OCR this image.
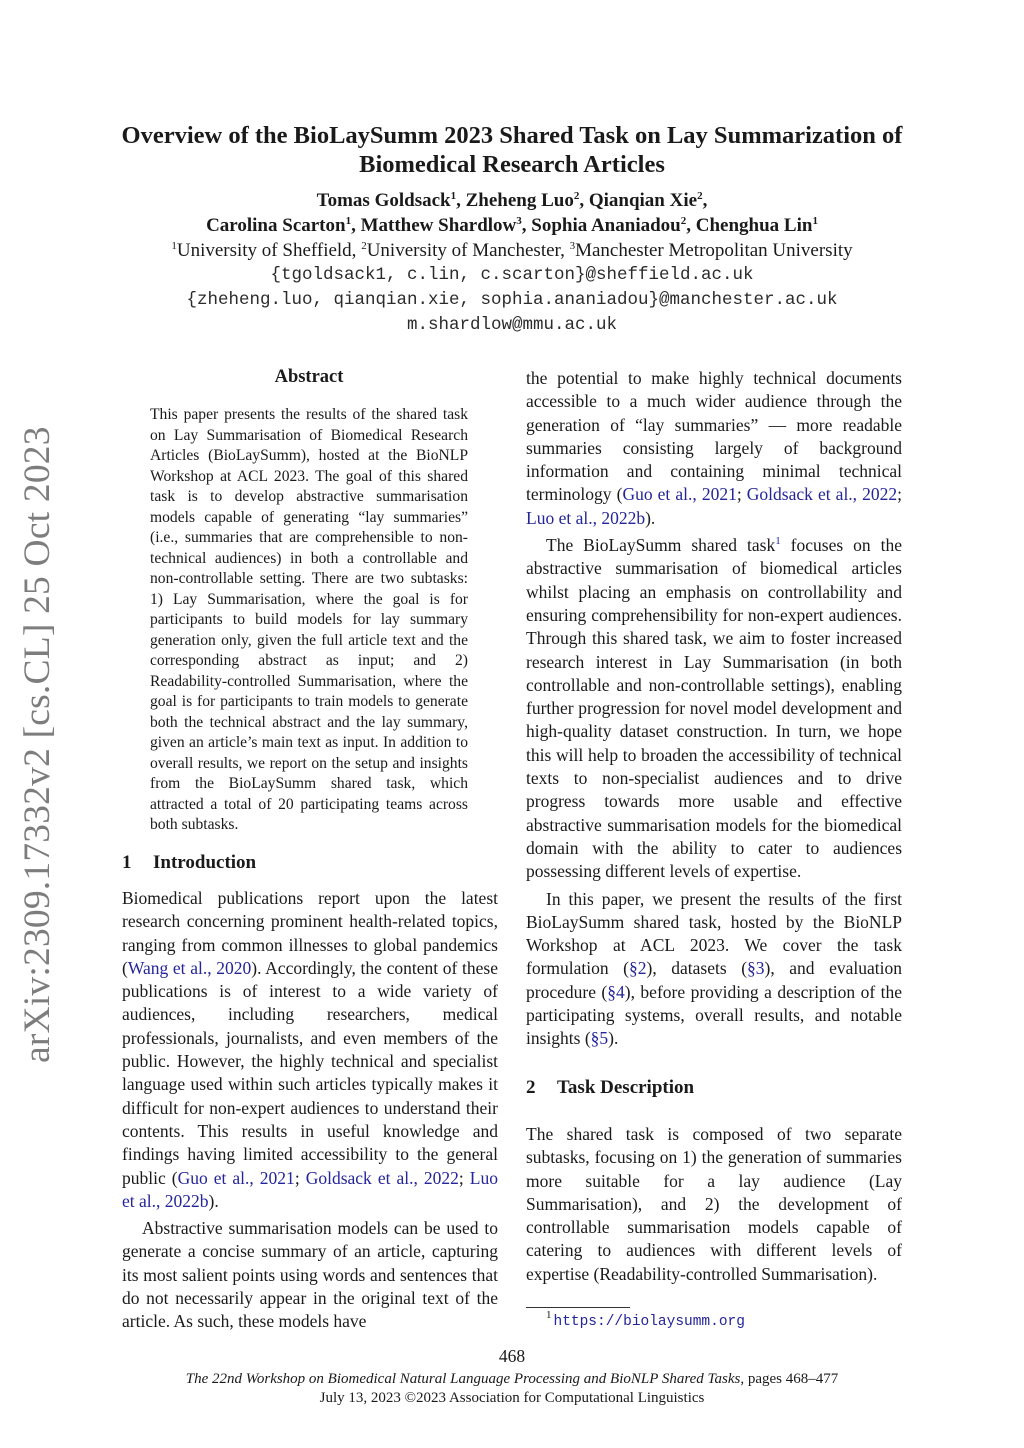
Overview of the BioLaySumm 2023 Shared Task on Lay Summarization of
Biomedical Research Articles
Tomas Goldsack$^1$, Zheheng Luo$^2$, Qianqian Xie$^2$,
Carolina Scarton$^1$, Matthew Shardlow$^3$, Sophia Ananiadou$^2$, Chenghua Lin$^1$
$^1$University of Sheffield, $^2$University of Manchester, $^3$Manchester Metropolitan University
{tgoldsack1, c.lin, c.scarton}@sheffield.ac.uk
{zheheng.luo, qianqian.xie, sophia.ananiadou}@manchester.ac.uk
m.shardlow@mmu.ac.uk
arXiv:2309.17332v2 [cs.CL] 25 Oct 2023
Abstract
This paper presents the results of the shared task on Lay Summarisation of Biomedical Research Articles (BioLaySumm), hosted at the BioNLP Workshop at ACL 2023. The goal of this shared task is to develop abstractive summarisation models capable of generating “lay summaries” (i.e., summaries that are comprehensible to non-technical audiences) in both a controllable and non-controllable setting. There are two subtasks: 1) Lay Summarisation, where the goal is for participants to build models for lay summary generation only, given the full article text and the corresponding abstract as input; and 2) Readability-controlled Summarisation, where the goal is for participants to train models to generate both the technical abstract and the lay summary, given an article’s main text as input. In addition to overall results, we report on the setup and insights from the BioLaySumm shared task, which attracted a total of 20 participating teams across both subtasks.
1 Introduction

Biomedical publications report upon the latest research concerning prominent health-related topics, ranging from common illnesses to global pandemics (Wang et al., 2020). Accordingly, the content of these publications is of interest to a wide variety of audiences, including researchers, medical professionals, journalists, and even members of the public. However, the highly technical and specialist language used within such articles typically makes it difficult for non-expert audiences to understand their contents. This results in useful knowledge and findings having limited accessibility to the general public (Guo et al., 2021; Goldsack et al., 2022; Luo et al., 2022b).

Abstractive summarisation models can be used to generate a concise summary of an article, capturing its most salient points using words and sentences that do not necessarily appear in the original text of the article. As such, these models have

the potential to make highly technical documents accessible to a much wider audience through the generation of “lay summaries” — more readable summaries consisting largely of background information and containing minimal technical terminology (Guo et al., 2021; Goldsack et al., 2022; Luo et al., 2022b).

The BioLaySumm shared task$^1$ focuses on the abstractive summarisation of biomedical articles whilst placing an emphasis on controllability and ensuring comprehensibility for non-expert audiences. Through this shared task, we aim to foster increased research interest in Lay Summarisation (in both controllable and non-controllable settings), enabling further progression for novel model development and high-quality dataset construction. In turn, we hope this will help to broaden the accessibility of technical texts to non-specialist audiences and to drive progress towards more usable and effective abstractive summarisation models for the biomedical domain with the ability to cater to audiences possessing different levels of expertise.

In this paper, we present the results of the first BioLaySumm shared task, hosted by the BioNLP Workshop at ACL 2023. We cover the task formulation (§2), datasets (§3), and evaluation procedure (§4), before providing a description of the participating systems, overall results, and notable insights (§5).

2 Task Description

The shared task is composed of two separate subtasks, focusing on 1) the generation of summaries more suitable for a lay audience (Lay Summarisation), and 2) the development of controllable summarisation models capable of catering to audiences with different levels of expertise (Readability-controlled Summarisation).

$^1$ https://biolaysumm.org
468
The 22nd Workshop on Biomedical Natural Language Processing and BioNLP Shared Tasks, pages 468–477
July 13, 2023 ©2023 Association for Computational Linguistics
